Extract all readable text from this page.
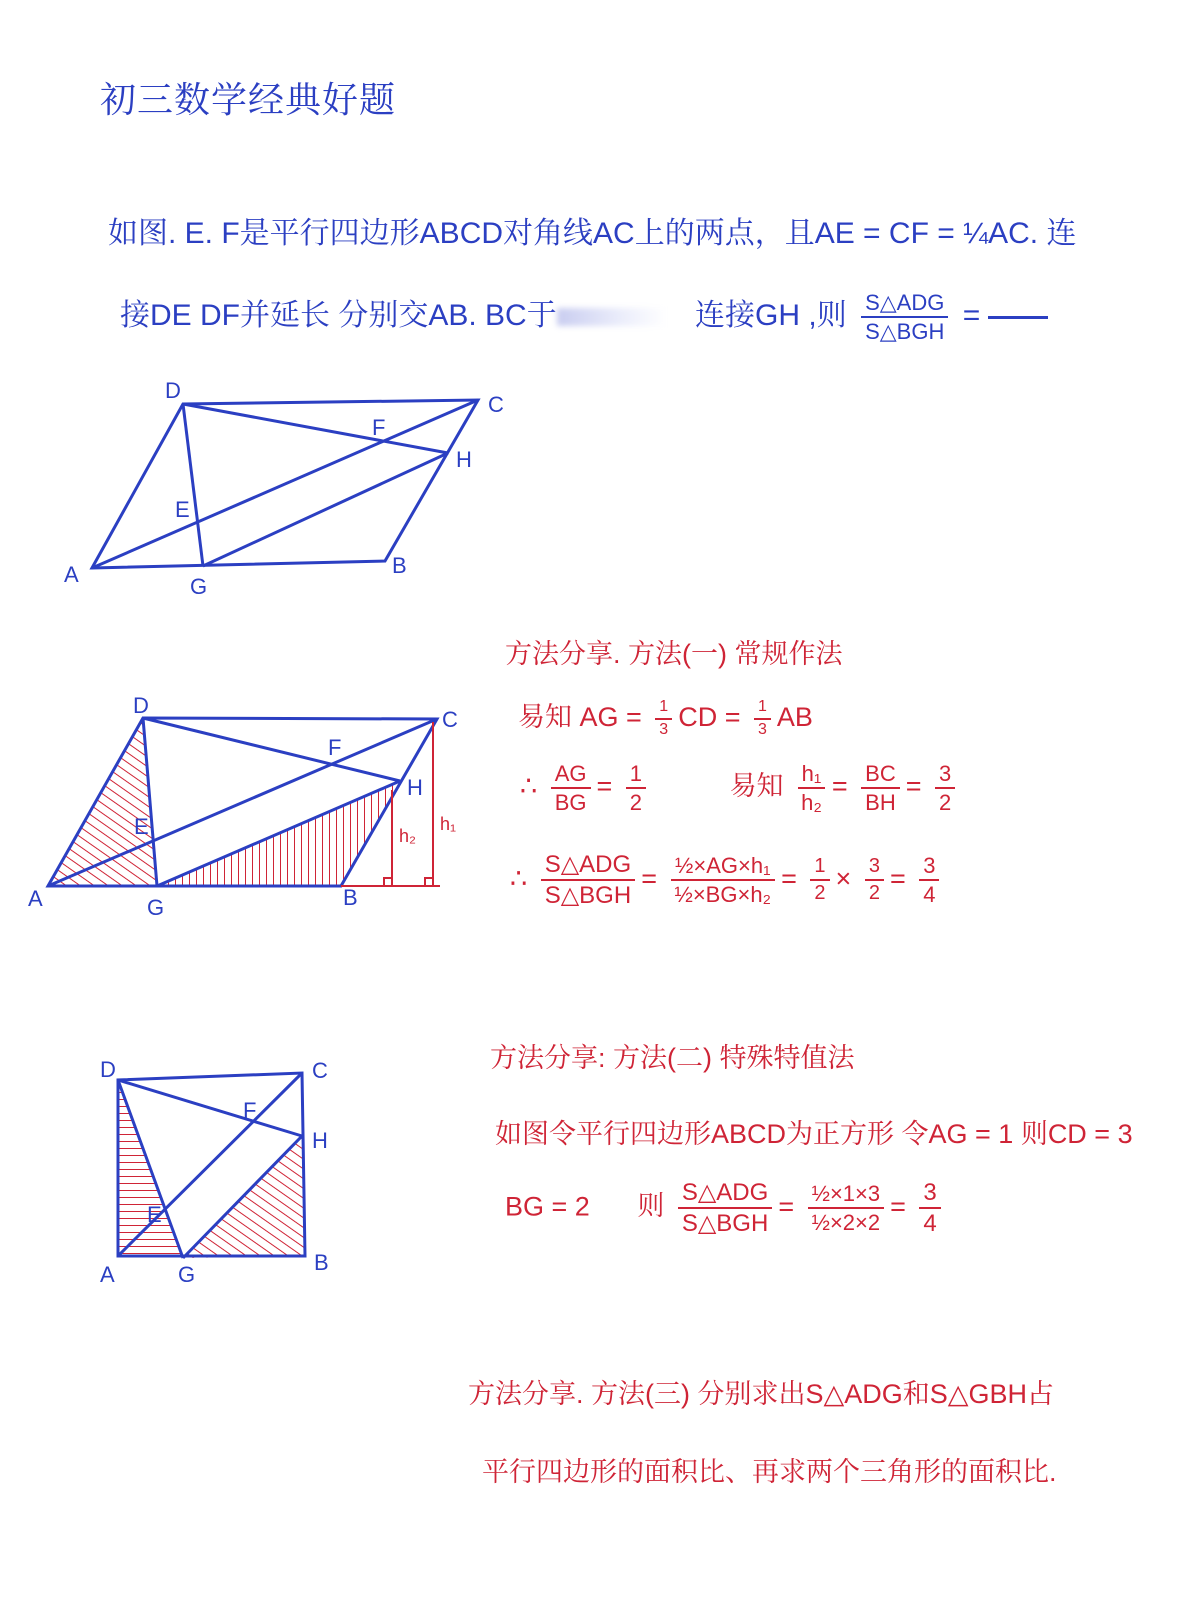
初三数学经典好题
如图. E. F是平行四边形ABCD对角线AC上的两点，且AE = CF = ¼AC. 连
接DE DF并延长 分别交AB. BC于	连接GH ,则 $\frac{\text{S△ADG}}{\text{S△BGH}}$ =
D
C
F
H
E
A	G
B
D
C
F
H
E
A	G	B
h₁
h₂
D	C
F
H
E
A	G	B
方法分享. 方法(一) 常规作法
易知 AG = $\frac{1}{3}$ CD = $\frac{1}{3}$ AB
∴ $\frac{AG}{BG} = \frac{1}{2}$	易知 $\frac{\text{h₁}}{\text{h₂}} = \frac{BC}{BH} = \frac{3}{2}$
∴ $\frac{\text{S△ADG}}{\text{S△BGH}} = \frac{\text{½×AG×h₁}}{\text{½×BG×h₂}} = \frac{1}{2} \times \frac{3}{2} = \frac{3}{4}$
方法分享: 方法(二) 特殊特值法
如图令平行四边形ABCD为正方形 令AG = 1 则CD = 3
BG = 2 则 $\frac{\text{S△ADG}}{\text{S△BGH}} = \frac{\text{½×1×3}}{\text{½×2×2}} = \frac{3}{4}$
方法分享. 方法(三) 分别求出S△ADG和S△GBH占
平行四边形的面积比、再求两个三角形的面积比.
